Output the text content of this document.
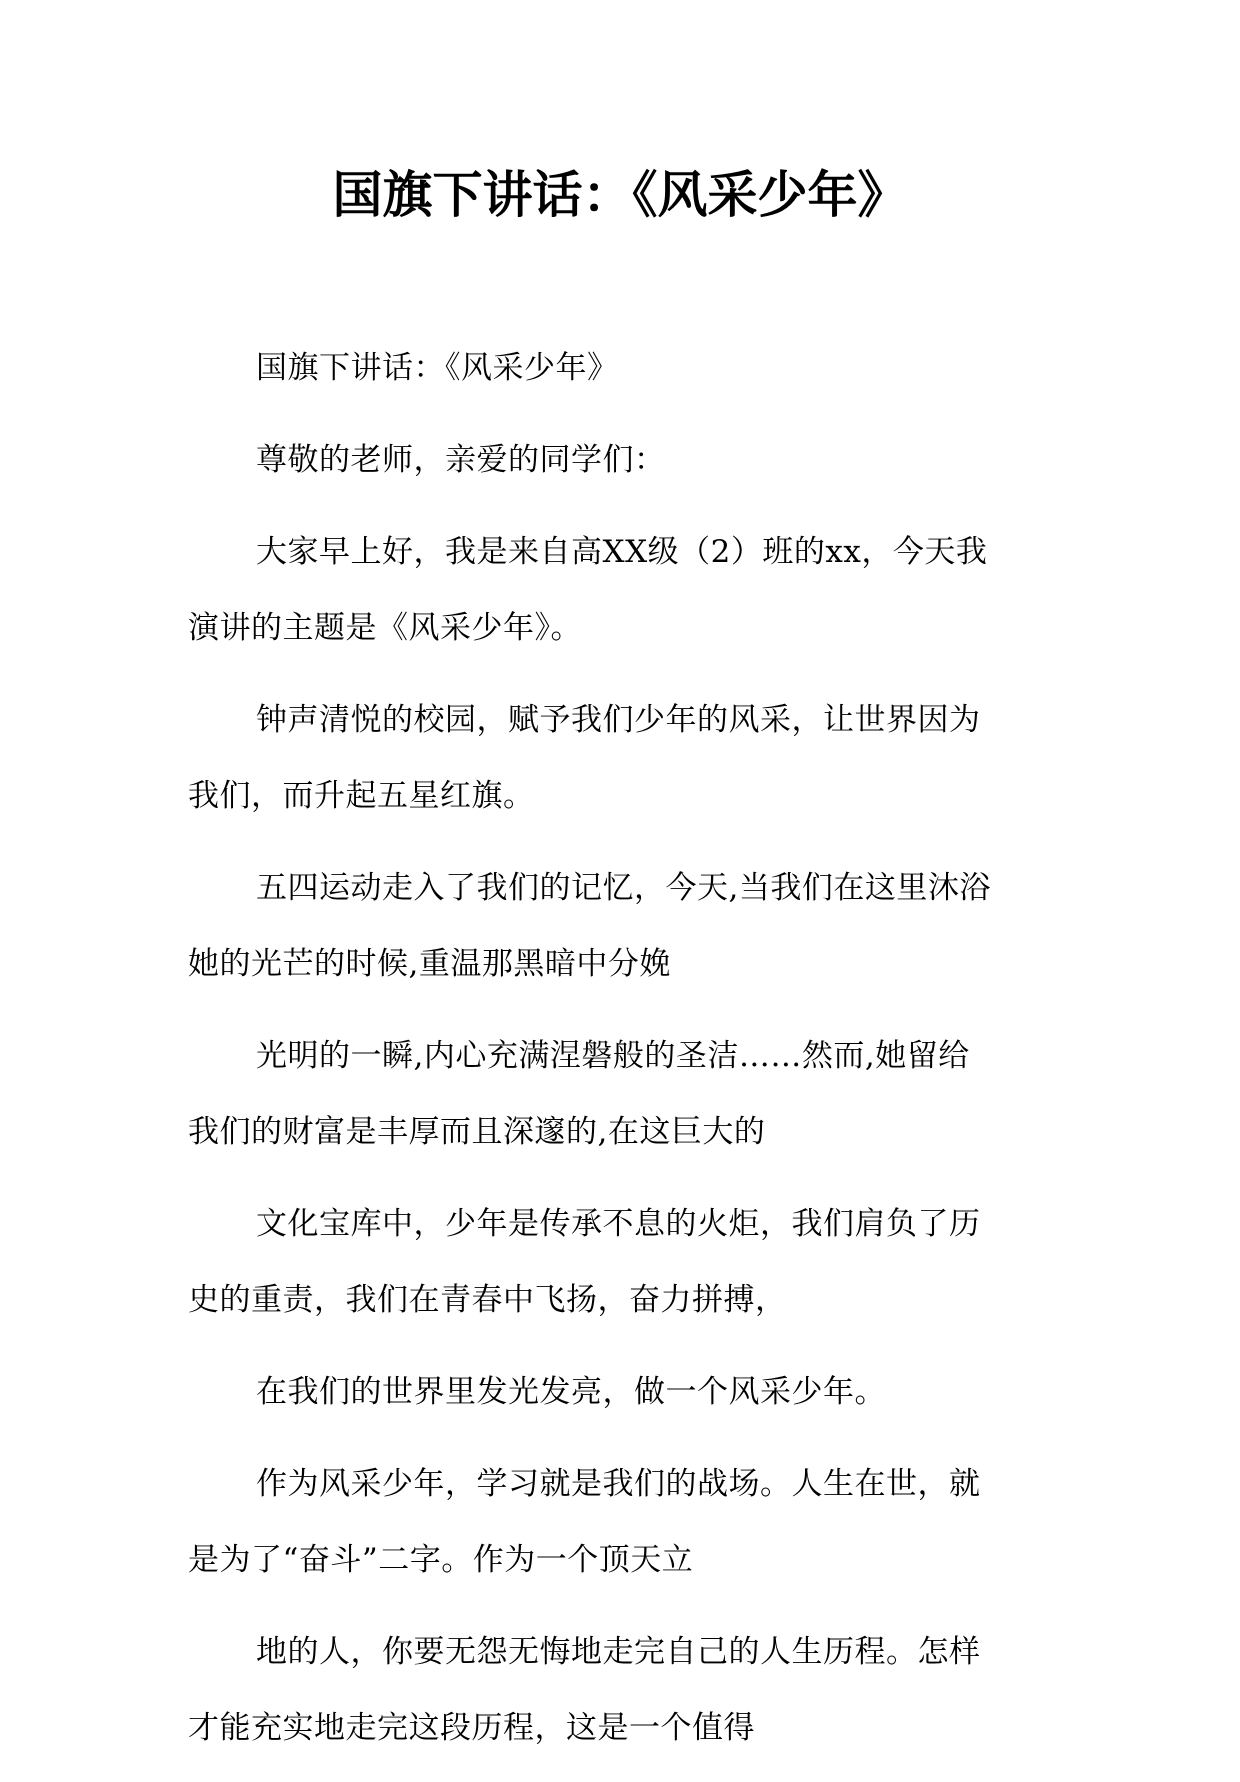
国旗下讲话：《风采少年》

国旗下讲话：《风采少年》

尊敬的老师，亲爱的同学们：

大家早上好，我是来自高XX级（2）班的xx，今天我
演讲的主题是《风采少年》。

钟声清悦的校园，赋予我们少年的风采，让世界因为
我们，而升起五星红旗。

五四运动走入了我们的记忆，今天,当我们在这里沐浴
她的光芒的时候,重温那黑暗中分娩

光明的一瞬,内心充满涅磐般的圣洁……然而,她留给
我们的财富是丰厚而且深邃的,在这巨大的

文化宝库中，少年是传承不息的火炬，我们肩负了历
史的重责，我们在青春中飞扬，奋力拼搏，

在我们的世界里发光发亮，做一个风采少年。

作为风采少年，学习就是我们的战场。人生在世，就
是为了“奋斗”二字。作为一个顶天立

地的人，你要无怨无悔地走完自己的人生历程。怎样
才能充实地走完这段历程，这是一个值得
